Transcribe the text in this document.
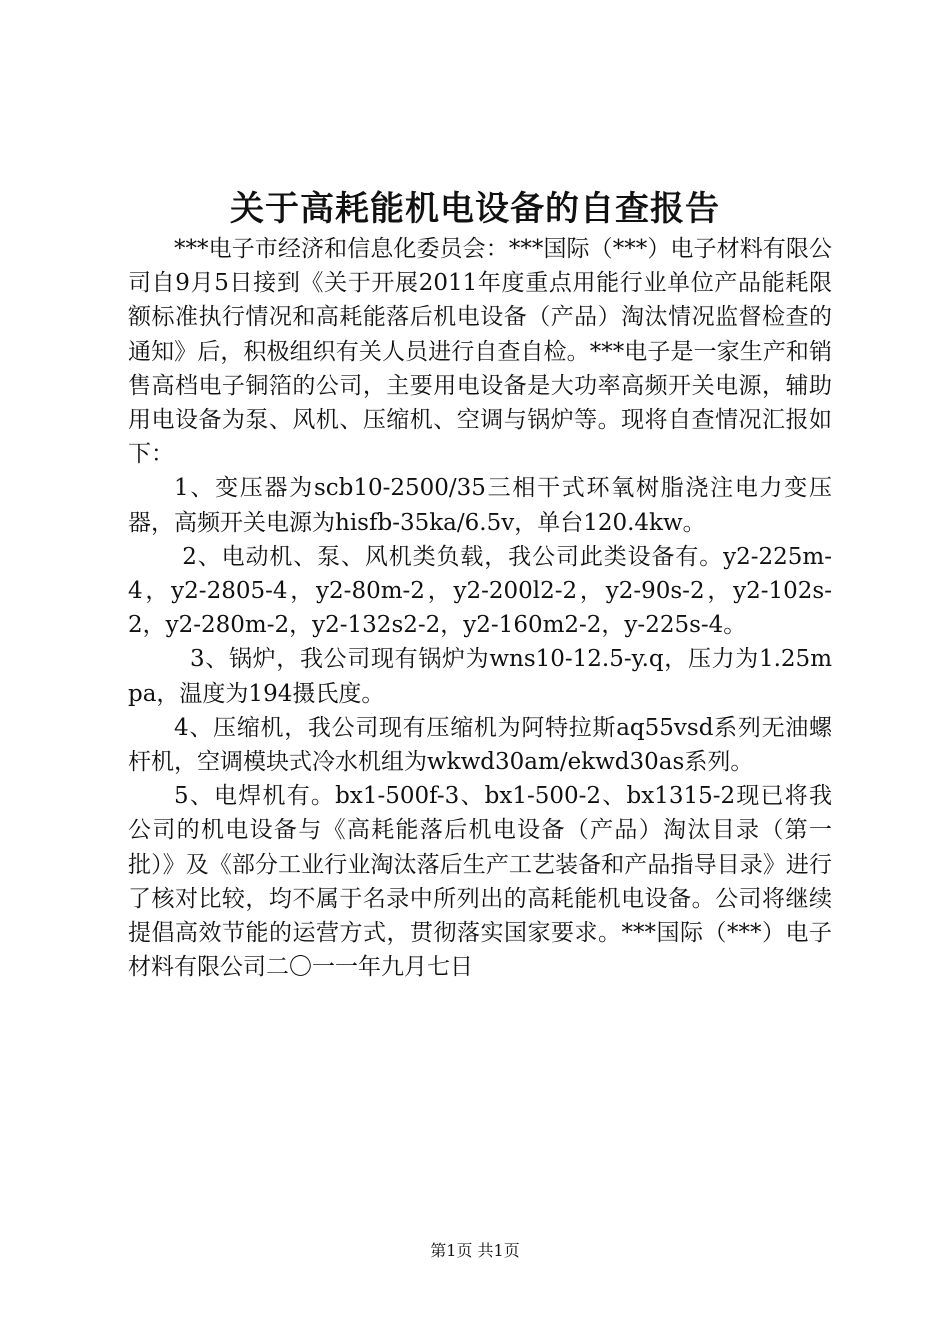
关于高耗能机电设备的自查报告

***电子市经济和信息化委员会：***国际（***）电子材料有限公司自9月5日接到《关于开展2011年度重点用能行业单位产品能耗限额标准执行情况和高耗能落后机电设备（产品）淘汰情况监督检查的通知》后，积极组织有关人员进行自查自检。***电子是一家生产和销售高档电子铜箔的公司，主要用电设备是大功率高频开关电源，辅助用电设备为泵、风机、压缩机、空调与锅炉等。现将自查情况汇报如下：

1、变压器为scb10-2500/35三相干式环氧树脂浇注电力变压器，高频开关电源为hisfb-35ka/6.5v，单台120.4kw。

2、电动机、泵、风机类负载，我公司此类设备有。y2-225m-4，y2-2805-4，y2-80m-2，y2-200l2-2，y2-90s-2，y2-102s-2，y2-280m-2，y2-132s2-2，y2-160m2-2，y-225s-4。

3、锅炉，我公司现有锅炉为wns10-12.5-y.q，压力为1.25mpa，温度为194摄氏度。

4、压缩机，我公司现有压缩机为阿特拉斯aq55vsd系列无油螺杆机，空调模块式冷水机组为wkwd30am/ekwd30as系列。

5、电焊机有。bx1-500f-3、bx1-500-2、bx1315-2现已将我公司的机电设备与《高耗能落后机电设备（产品）淘汰目录（第一批）》及《部分工业行业淘汰落后生产工艺装备和产品指导目录》进行了核对比较，均不属于名录中所列出的高耗能机电设备。公司将继续提倡高效节能的运营方式，贯彻落实国家要求。***国际（***）电子材料有限公司二〇一一年九月七日

第1页 共1页
